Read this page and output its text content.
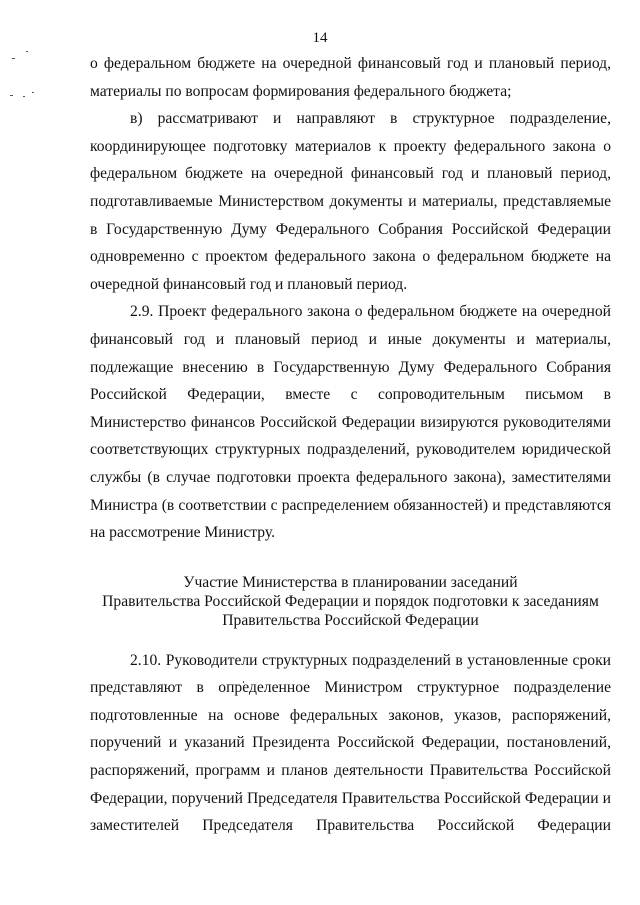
14

о федеральном бюджете на очередной финансовый год и плановый период, материалы по вопросам формирования федерального бюджета;

в) рассматривают и направляют в структурное подразделение, координирующее подготовку материалов к проекту федерального закона о федеральном бюджете на очередной финансовый год и плановый период, подготавливаемые Министерством документы и материалы, представляемые в Государственную Думу Федерального Собрания Российской Федерации одновременно с проектом федерального закона о федеральном бюджете на очередной финансовый год и плановый период.

2.9. Проект федерального закона о федеральном бюджете на очередной финансовый год и плановый период и иные документы и материалы, подлежащие внесению в Государственную Думу Федерального Собрания Российской Федерации, вместе с сопроводительным письмом в Министерство финансов Российской Федерации визируются руководителями соответствующих структурных подразделений, руководителем юридической службы (в случае подготовки проекта федерального закона), заместителями Министра (в соответствии с распределением обязанностей) и представляются на рассмотрение Министру.

Участие Министерства в планировании заседаний
Правительства Российской Федерации и порядок подготовки к заседаниям
Правительства Российской Федерации

2.10. Руководители структурных подразделений в установленные сроки представляют в определенное Министром структурное подразделение подготовленные на основе федеральных законов, указов, распоряжений, поручений и указаний Президента Российской Федерации, постановлений, распоряжений, программ и планов деятельности Правительства Российской Федерации, поручений Председателя Правительства Российской Федерации и заместителей Председателя Правительства Российской Федерации
